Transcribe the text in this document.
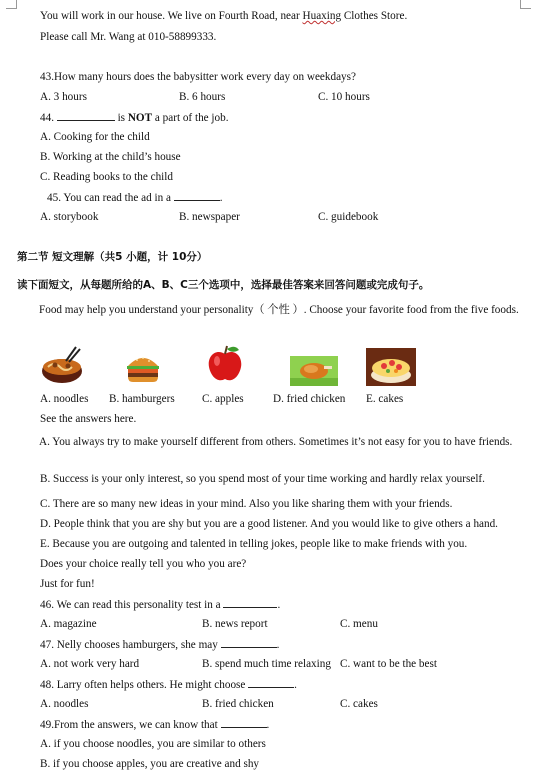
You will work in our house. We live on Fourth Road, near Huaxing Clothes Store.
Please call Mr. Wang at 010-58899333.
43.How many hours does the babysitter work every day on weekdays?
A. 3 hours	B. 6 hours	C. 10 hours
44.	is NOT a part of the job.
A. Cooking for the child
B. Working at the child’s house
C. Reading books to the child
45. You can read the ad in a	.
A. storybook	B. newspaper	C. guidebook
第二节 短文理解（共5 小题，计 10分）
读下面短文，从每题所给的A、B、C三个选项中，选择最佳答案来回答问题或完成句子。
Food may help you understand your personality（ 个性 ）. Choose your favorite food from the five foods.
A. noodles B. hamburgers C. apples	D. fried chicken E. cakes
See the answers here.
A. You always try to make yourself different from others. Sometimes it’s not easy for you to have friends.
B. Success is your only interest, so you spend most of your time working and hardly relax yourself.
C. There are so many new ideas in your mind. Also you like sharing them with your friends.
D. People think that you are shy but you are a good listener. And you would like to give others a hand.
E. Because you are outgoing and talented in telling jokes, people like to make friends with you.
Does your choice really tell you who you are?
Just for fun!
46. We can read this personality test in a	.
A. magazine	B. news report	C. menu
47. Nelly chooses hamburgers, she may	.
A. not work very hard	B. spend much time relaxing C. want to be the best
48. Larry often helps others. He might choose	.
A. noodles	B. fried chicken	C. cakes
49.From the answers, we can know that	.
A. if you choose noodles, you are similar to others
B. if you choose apples, you are creative and shy
